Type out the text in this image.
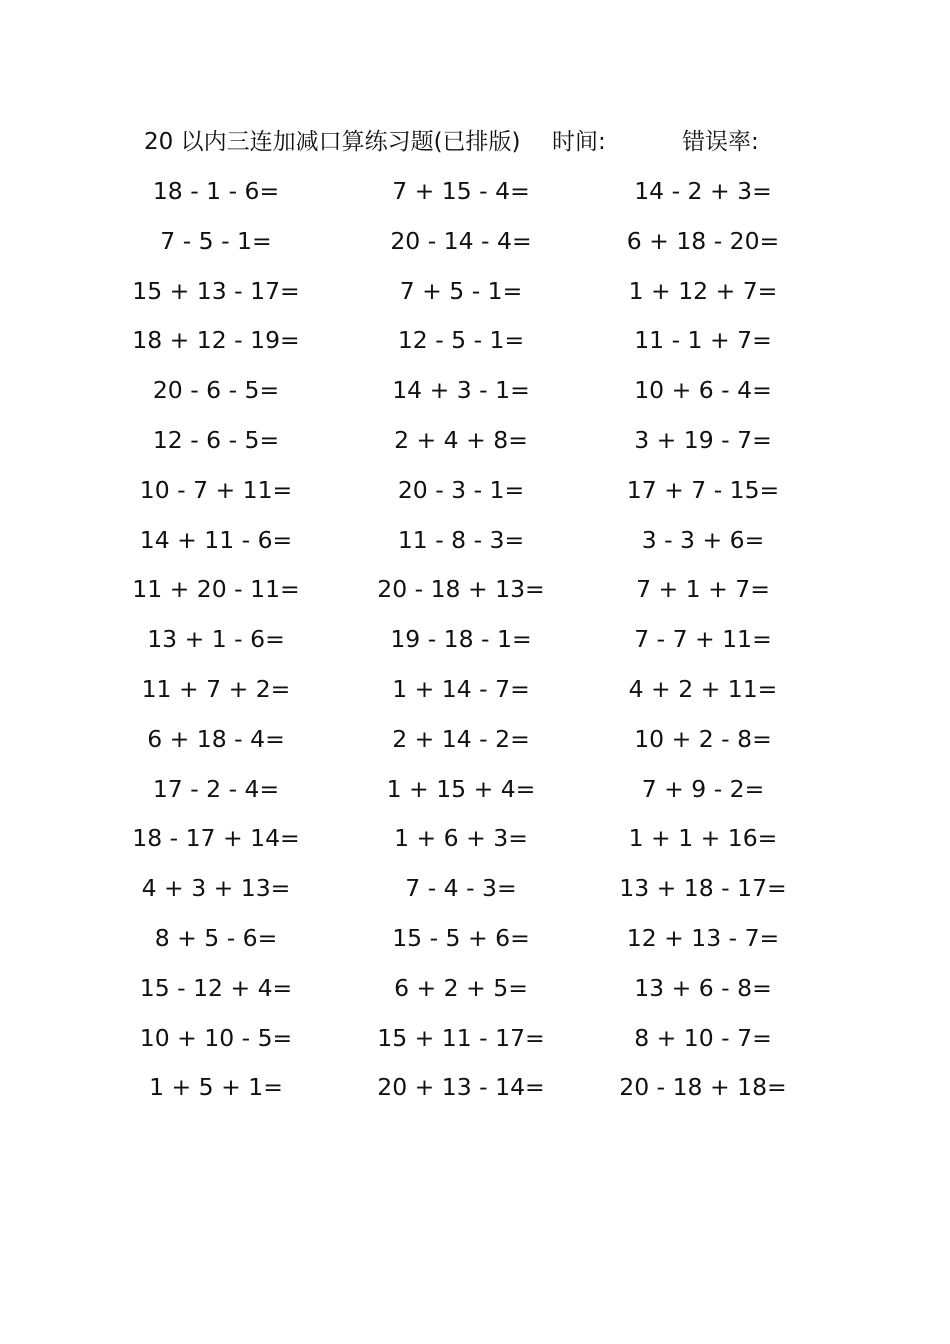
20 以内三连加减口算练习题(已排版) 时间:	错误率:
18 - 1 - 6=
7 - 5 - 1=
15 + 13 - 17=
18 + 12 - 19=
20 - 6 - 5=
12 - 6 - 5=
10 - 7 + 11=
14 + 11 - 6=
11 + 20 - 11=
13 + 1 - 6=
11 + 7 + 2=
6 + 18 - 4=
17 - 2 - 4=
18 - 17 + 14=
4 + 3 + 13=
8 + 5 - 6=
15 - 12 + 4=
10 + 10 - 5=
1 + 5 + 1=
7 + 15 - 4=
20 - 14 - 4=
7 + 5 - 1=
12 - 5 - 1=
14 + 3 - 1=
2 + 4 + 8=
20 - 3 - 1=
11 - 8 - 3=
20 - 18 + 13=
19 - 18 - 1=
1 + 14 - 7=
2 + 14 - 2=
1 + 15 + 4=
1 + 6 + 3=
7 - 4 - 3=
15 - 5 + 6=
6 + 2 + 5=
15 + 11 - 17=
20 + 13 - 14=
14 - 2 + 3=
6 + 18 - 20=
1 + 12 + 7=
11 - 1 + 7=
10 + 6 - 4=
3 + 19 - 7=
17 + 7 - 15=
3 - 3 + 6=
7 + 1 + 7=
7 - 7 + 11=
4 + 2 + 11=
10 + 2 - 8=
7 + 9 - 2=
1 + 1 + 16=
13 + 18 - 17=
12 + 13 - 7=
13 + 6 - 8=
8 + 10 - 7=
20 - 18 + 18=
